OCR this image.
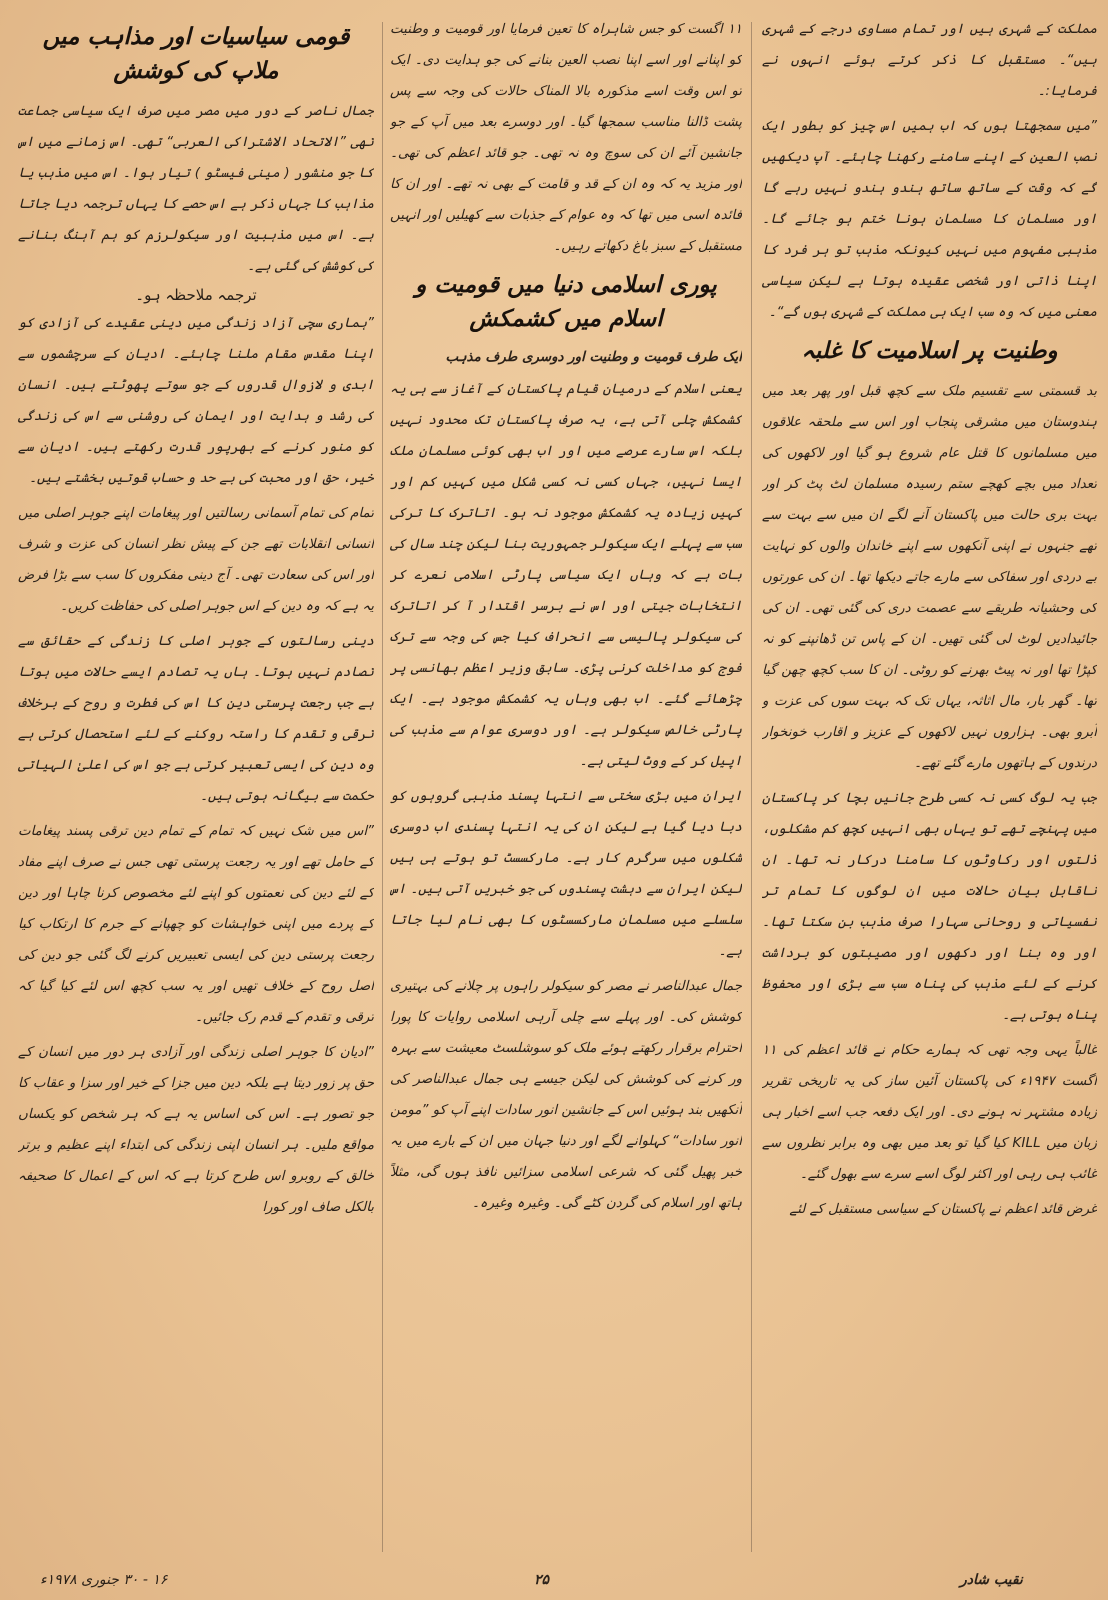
مملکت کے شہری ہیں اور تمام مساوی درجے کے شہری ہیں“۔ مستقبل کا ذکر کرتے ہوئے انہوں نے فرمایا:۔

”میں سمجھتا ہوں کہ اب ہمیں اس چیز کو بطور ایک نصب العین کے اپنے سامنے رکھنا چاہئے۔ آپ دیکھیں گے کہ وقت کے ساتھ ساتھ ہندو ہندو نہیں رہے گا اور مسلمان کا مسلمان ہونا ختم ہو جائے گا۔ مذہبی مفہوم میں نہیں کیونکہ مذہب تو ہر فرد کا اپنا ذاتی اور شخصی عقیدہ ہوتا ہے لیکن سیاسی معنی میں کہ وہ سب ایک ہی مملکت کے شہری ہوں گے“۔

وطنیت پر اسلامیت کا غلبہ

بد قسمتی سے تقسیم ملک سے کچھ قبل اور پھر بعد میں ہندوستان میں مشرقی پنجاب اور اس سے ملحقہ علاقوں میں مسلمانوں کا قتل عام شروع ہو گیا اور لاکھوں کی تعداد میں بچے کھچے ستم رسیدہ مسلمان لٹ پٹ کر اور بہت بری حالت میں پاکستان آنے لگے ان میں سے بہت سے تھے جنہوں نے اپنی آنکھوں سے اپنے خاندان والوں کو نہایت بے دردی اور سفاکی سے مارے جاتے دیکھا تھا۔ ان کی عورتوں کی وحشیانہ طریقے سے عصمت دری کی گئی تھی۔ ان کی جائیدادیں لوٹ لی گئی تھیں۔ ان کے پاس تن ڈھانپنے کو نہ کپڑا تھا اور نہ پیٹ بھرنے کو روٹی۔ ان کا سب کچھ چھن گیا تھا۔ گھر بار، مال اثاثہ، یہاں تک کہ بہت سوں کی عزت و آبرو بھی۔ ہزاروں نہیں لاکھوں کے عزیز و اقارب خونخوار درندوں کے ہاتھوں مارے گئے تھے۔

جب یہ لوگ کسی نہ کسی طرح جانیں بچا کر پاکستان میں پہنچے تھے تو یہاں بھی انہیں کچھ کم مشکلوں، ذلتوں اور رکاوٹوں کا سامنا درکار نہ تھا۔ ان ناقابل بیان حالات میں ان لوگوں کا تمام تر نفسیاتی و روحانی سہارا صرف مذہب بن سکتا تھا۔ اور وہ بنا اور دکھوں اور مصیبتوں کو برداشت کرنے کے لئے مذہب کی پناہ سب سے بڑی اور محفوظ پناہ ہوتی ہے۔

غالباً یہی وجہ تھی کہ ہمارے حکام نے قائد اعظم کی ۱۱ اگست ۱۹۴۷ء کی پاکستان آئین ساز کی یہ تاریخی تقریر زیادہ مشتہر نہ ہونے دی۔ اور ایک دفعہ جب اسے اخبار ہی زبان میں KILL کیا گیا تو بعد میں بھی وہ برابر نظروں سے غائب ہی رہی اور اکثر لوگ اسے سرے سے بھول گئے۔

غرض قائد اعظم نے پاکستان کے سیاسی مستقبل کے لئے

۱۱ اگست کو جس شاہراہ کا تعین فرمایا اور قومیت و وطنیت کو اپنانے اور اسے اپنا نصب العین بنانے کی جو ہدایت دی۔ ایک تو اس وقت اسے مذکورہ بالا المناک حالات کی وجہ سے پس پشت ڈالنا مناسب سمجھا گیا۔ اور دوسرے بعد میں آپ کے جو جانشین آئے ان کی سوچ وہ نہ تھی۔ جو قائد اعظم کی تھی۔ اور مزید یہ کہ وہ ان کے قد و قامت کے بھی نہ تھے۔ اور ان کا فائدہ اسی میں تھا کہ وہ عوام کے جذبات سے کھیلیں اور انہیں مستقبل کے سبز باغ دکھاتے رہیں۔

پوری اسلامی دنیا میں قومیت و اسلام میں کشمکش
ایک طرف قومیت و وطنیت اور دوسری طرف مذہب

یعنی اسلام کے درمیان قیام پاکستان کے آغاز سے ہی یہ کشمکش چلی آتی ہے، یہ صرف پاکستان تک محدود نہیں بلکہ اس سارے عرصے میں اور اب بھی کوئی مسلمان ملک ایسا نہیں، جہاں کسی نہ کسی شکل میں کہیں کم اور کہیں زیادہ یہ کشمکش موجود نہ ہو۔ اتاترک کا ترکی سب سے پہلے ایک سیکولر جمہوریت بنا لیکن چند سال کی بات ہے کہ وہاں ایک سیاسی پارٹی اسلامی نعرے کر انتخابات جیتی اور اس نے برسر اقتدار آ کر اتاترک کی سیکولر پالیسی سے انحراف کیا جس کی وجہ سے ترک فوج کو مداخلت کرنی پڑی۔ سابق وزیر اعظم بھانسی پر چڑھائے گئے۔ اب بھی وہاں یہ کشمکش موجود ہے۔ ایک پارٹی خالص سیکولر ہے۔ اور دوسری عوام سے مذہب کی اپیل کر کے ووٹ لیتی ہے۔

ایران میں بڑی سختی سے انتہا پسند مذہبی گروہوں کو دبا دیا گیا ہے لیکن ان کی یہ انتہا پسندی اب دوسری شکلوں میں سرگرم کار ہے۔ مارکسسٹ تو ہوتے ہی ہیں لیکن ایران سے دہشت پسندوں کی جو خبریں آتی ہیں۔ اس سلسلے میں مسلمان مارکسسٹوں کا بھی نام لیا جاتا ہے۔

جمال عبدالناصر نے مصر کو سیکولر راہوں پر چلانے کی بہتیری کوشش کی۔ اور پہلے سے چلی آرہی اسلامی روایات کا پورا احترام برقرار رکھتے ہوئے ملک کو سوشلسٹ معیشت سے بہرہ ور کرنے کی کوشش کی لیکن جیسے ہی جمال عبدالناصر کی آنکھیں بند ہوئیں اس کے جانشین انور سادات اپنے آپ کو ”مومن انور سادات“ کہلوانے لگے اور دنیا جہان میں ان کے بارے میں یہ خبر پھیل گئی کہ شرعی اسلامی سزائیں نافذ ہوں گی، مثلاً ہاتھ اور اسلام کی گردن کٹے گی۔ وغیرہ وغیرہ۔

قومی سیاسیات اور مذاہب میں ملاپ کی کوشش

جمال ناصر کے دور میں مصر میں صرف ایک سیاسی جماعت تھی ”الاتحاد الاشتراکی العربی“ تھی۔ اس زمانے میں اس کا جو منشور ( مینی فیسٹو ) تیار ہوا۔ اس میں مذہب یا مذاہب کا جہاں ذکر ہے اس حصے کا یہاں ترجمہ دیا جاتا ہے۔ اس میں مذہبیت اور سیکولرزم کو ہم آہنگ بنانے کی کوشش کی گئی ہے۔

ترجمہ ملاحظہ ہو۔

”ہماری سچی آزاد زندگی میں دینی عقیدے کی آزادی کو اپنا مقدس مقام ملنا چاہئے۔ ادیان کے سرچشموں سے ابدی و لازوال قدروں کے جو سوتے پھوٹتے ہیں۔ انسان کی رشد و ہدایت اور ایمان کی روشنی سے اس کی زندگی کو منور کرنے کے بھرپور قدرت رکھتے ہیں۔ ادیان سے خیر، حق اور محبت کی بے حد و حساب قوتیں بخشتے ہیں۔

تمام کی تمام آسمانی رسالتیں اور پیغامات اپنے جوہر اصلی میں انسانی انقلابات تھے جن کے پیش نظر انسان کی عزت و شرف اور اس کی سعادت تھی۔ آج دینی مفکروں کا سب سے بڑا فرض یہ ہے کہ وہ دین کے اس جوہر اصلی کی حفاظت کریں۔

دینی رسالتوں کے جوہر اصلی کا زندگی کے حقائق سے تصادم نہیں ہوتا۔ ہاں یہ تصادم ایسے حالات میں ہوتا ہے جب رجعت پرستی دین کا اس کی فطرت و روح کے برخلاف ترقی و تقدم کا راستہ روکنے کے لئے استحصال کرتی ہے وہ دین کی ایسی تعبیر کرتی ہے جو اس کی اعلیٰ الہیاتی حکمت سے بیگانہ ہوتی ہیں۔

”اس میں شک نہیں کہ تمام کے تمام دین ترقی پسند پیغامات کے حامل تھے اور یہ رجعت پرستی تھی جس نے صرف اپنے مفاد کے لئے دین کی نعمتوں کو اپنے لئے مخصوص کرنا چاہا اور دین کے پردے میں اپنی خواہشات کو چھپانے کے جرم کا ارتکاب کیا رجعت پرستی دین کی ایسی تعبیریں کرنے لگ گئی جو دین کی اصل روح کے خلاف تھیں اور یہ سب کچھ اس لئے کیا گیا کہ ترقی و تقدم کے قدم رک جائیں۔

”ادیان کا جوہر اصلی زندگی اور آزادی ہر دور میں انسان کے حق پر زور دیتا ہے بلکہ دین میں جزا کے خیر اور سزا و عقاب کا جو تصور ہے۔ اس کی اساس یہ ہے کہ ہر شخص کو یکساں مواقع ملیں۔ ہر انسان اپنی زندگی کی ابتداء اپنے عظیم و برتر خالق کے روبرو اس طرح کرتا ہے کہ اس کے اعمال کا صحیفہ بالکل صاف اور کورا

۱۶ - ۳۰ جنوری ۱۹۷۸ء	۲۵	نقیب شادر
